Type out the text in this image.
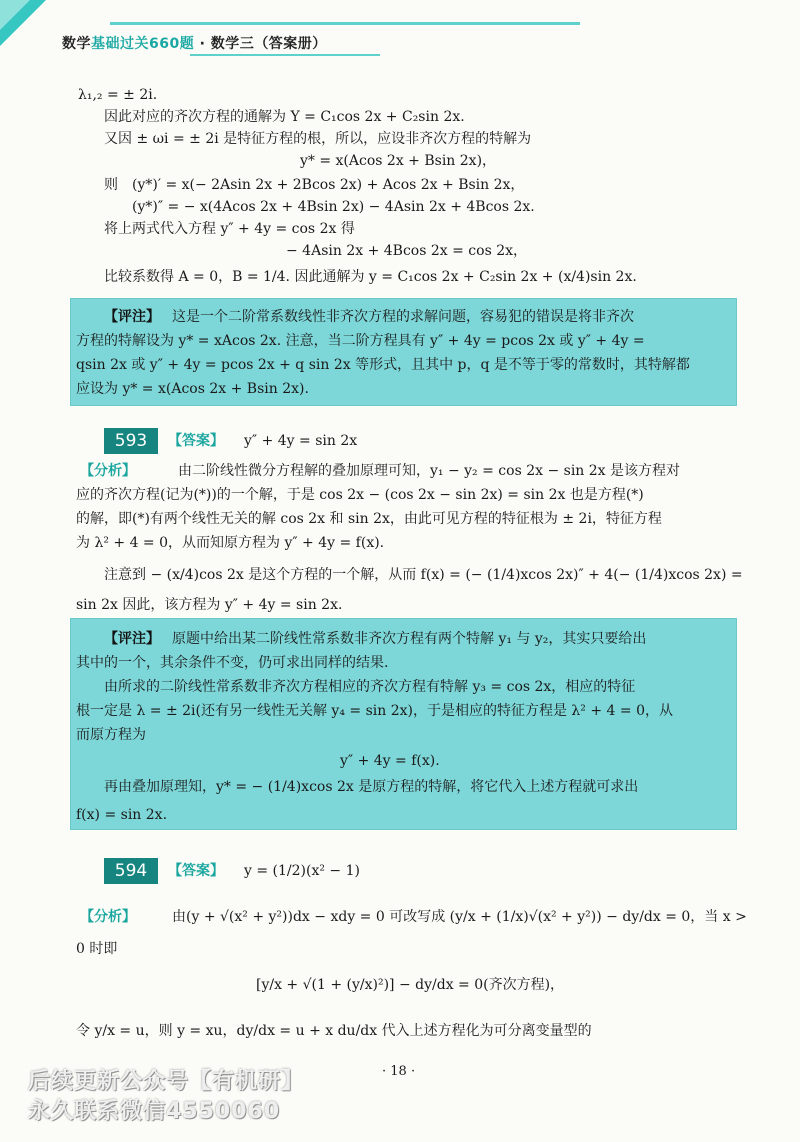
数学基础过关660题 · 数学三（答案册）
λ₁,₂ = ± 2i.
因此对应的齐次方程的通解为 Y = C₁cos 2x + C₂sin 2x.
又因 ± ωi = ± 2i 是特征方程的根，所以，应设非齐次方程的特解为
y* = x(Acos 2x + Bsin 2x)，
则　(y*)′ = x(− 2Asin 2x + 2Bcos 2x) + Acos 2x + Bsin 2x，
(y*)″ = − x(4Acos 2x + 4Bsin 2x) − 4Asin 2x + 4Bcos 2x.
将上两式代入方程 y″ + 4y = cos 2x 得
− 4Asin 2x + 4Bcos 2x = cos 2x，
比较系数得 A = 0，B = 1/4. 因此通解为 y = C₁cos 2x + C₂sin 2x + (x/4)sin 2x.
【评注】 这是一个二阶常系数线性非齐次方程的求解问题，容易犯的错误是将非齐次
方程的特解设为 y* = xAcos 2x. 注意，当二阶方程具有 y″ + 4y = pcos 2x 或 y″ + 4y =
qsin 2x 或 y″ + 4y = pcos 2x + q sin 2x 等形式，且其中 p，q 是不等于零的常数时，其特解都
应设为 y* = x(Acos 2x + Bsin 2x).
593	【答案】 y″ + 4y = sin 2x
【分析】	由二阶线性微分方程解的叠加原理可知，y₁ − y₂ = cos 2x − sin 2x 是该方程对
应的齐次方程(记为(*))的一个解，于是 cos 2x − (cos 2x − sin 2x) = sin 2x 也是方程(*)
的解，即(*)有两个线性无关的解 cos 2x 和 sin 2x，由此可见方程的特征根为 ± 2i，特征方程
为 λ² + 4 = 0，从而知原方程为 y″ + 4y = f(x).
注意到 − (x/4)cos 2x 是这个方程的一个解，从而 f(x) = (− (1/4)xcos 2x)″ + 4(− (1/4)xcos 2x) =
sin 2x 因此，该方程为 y″ + 4y = sin 2x.
【评注】 原题中给出某二阶线性常系数非齐次方程有两个特解 y₁ 与 y₂，其实只要给出
其中的一个，其余条件不变，仍可求出同样的结果.
由所求的二阶线性常系数非齐次方程相应的齐次方程有特解 y₃ = cos 2x，相应的特征
根一定是 λ = ± 2i(还有另一线性无关解 y₄ = sin 2x)，于是相应的特征方程是 λ² + 4 = 0，从
而原方程为
y″ + 4y = f(x).
再由叠加原理知，y* = − (1/4)xcos 2x 是原方程的特解，将它代入上述方程就可求出
f(x) = sin 2x.
594	【答案】 y = (1/2)(x² − 1)
【分析】	由(y + √(x² + y²))dx − xdy = 0 可改写成 (y/x + (1/x)√(x² + y²)) − dy/dx = 0，当 x >
0 时即
[y/x + √(1 + (y/x)²)] − dy/dx = 0(齐次方程)，
令 y/x = u，则 y = xu，dy/dx = u + x du/dx 代入上述方程化为可分离变量型的
· 18 ·
后续更新公众号【有机研】
永久联系微信4550060
